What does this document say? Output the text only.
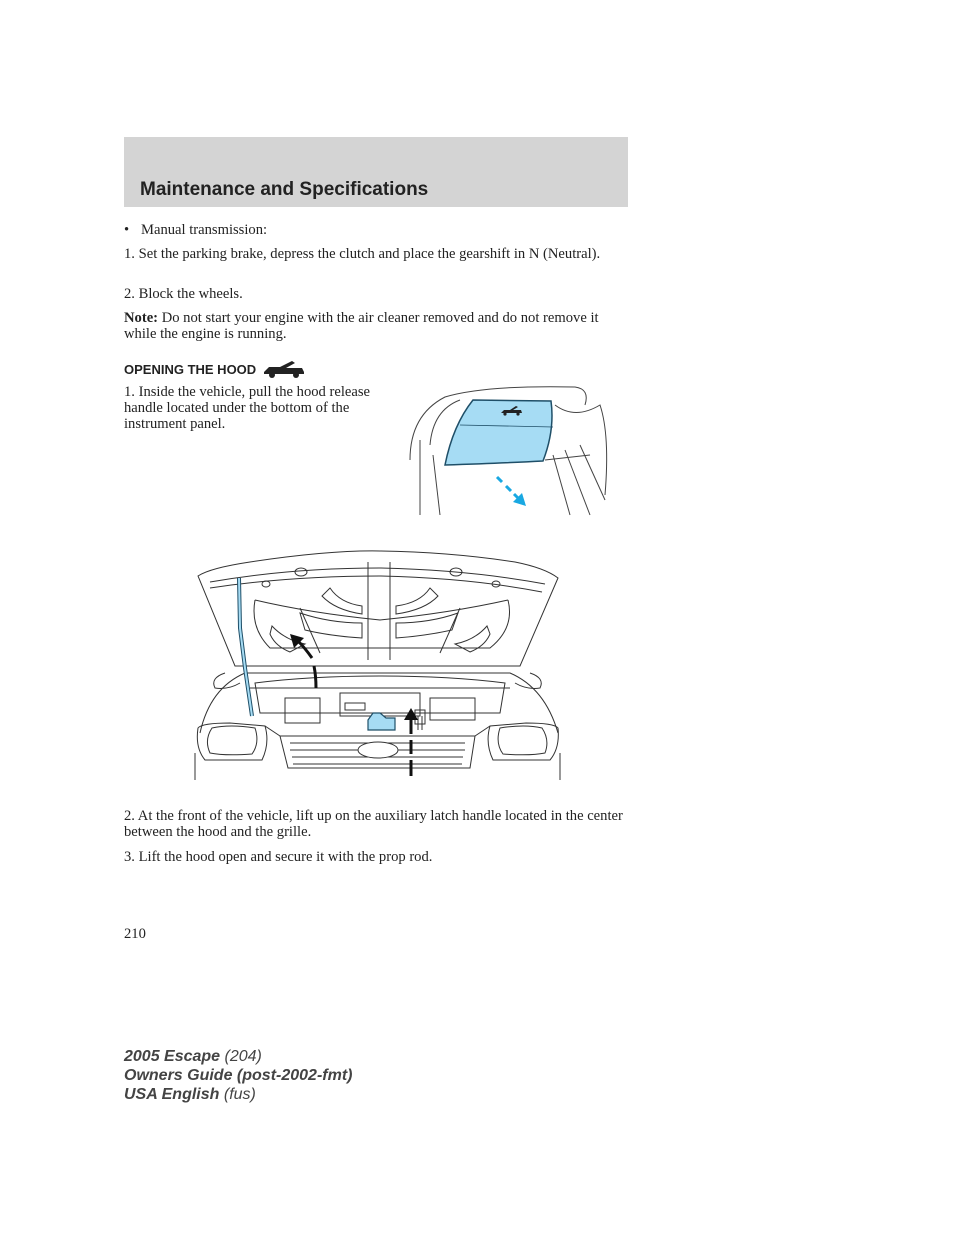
Maintenance and Specifications

• Manual transmission:

1. Set the parking brake, depress the clutch and place the gearshift in N (Neutral).

2. Block the wheels.

Note: Do not start your engine with the air cleaner removed and do not remove it while the engine is running.

OPENING THE HOOD

1. Inside the vehicle, pull the hood release handle located under the bottom of the instrument panel.

2. At the front of the vehicle, lift up on the auxiliary latch handle located in the center between the hood and the grille.

3. Lift the hood open and secure it with the prop rod.

210
2005 Escape (204)
Owners Guide (post-2002-fmt)
USA English (fus)
